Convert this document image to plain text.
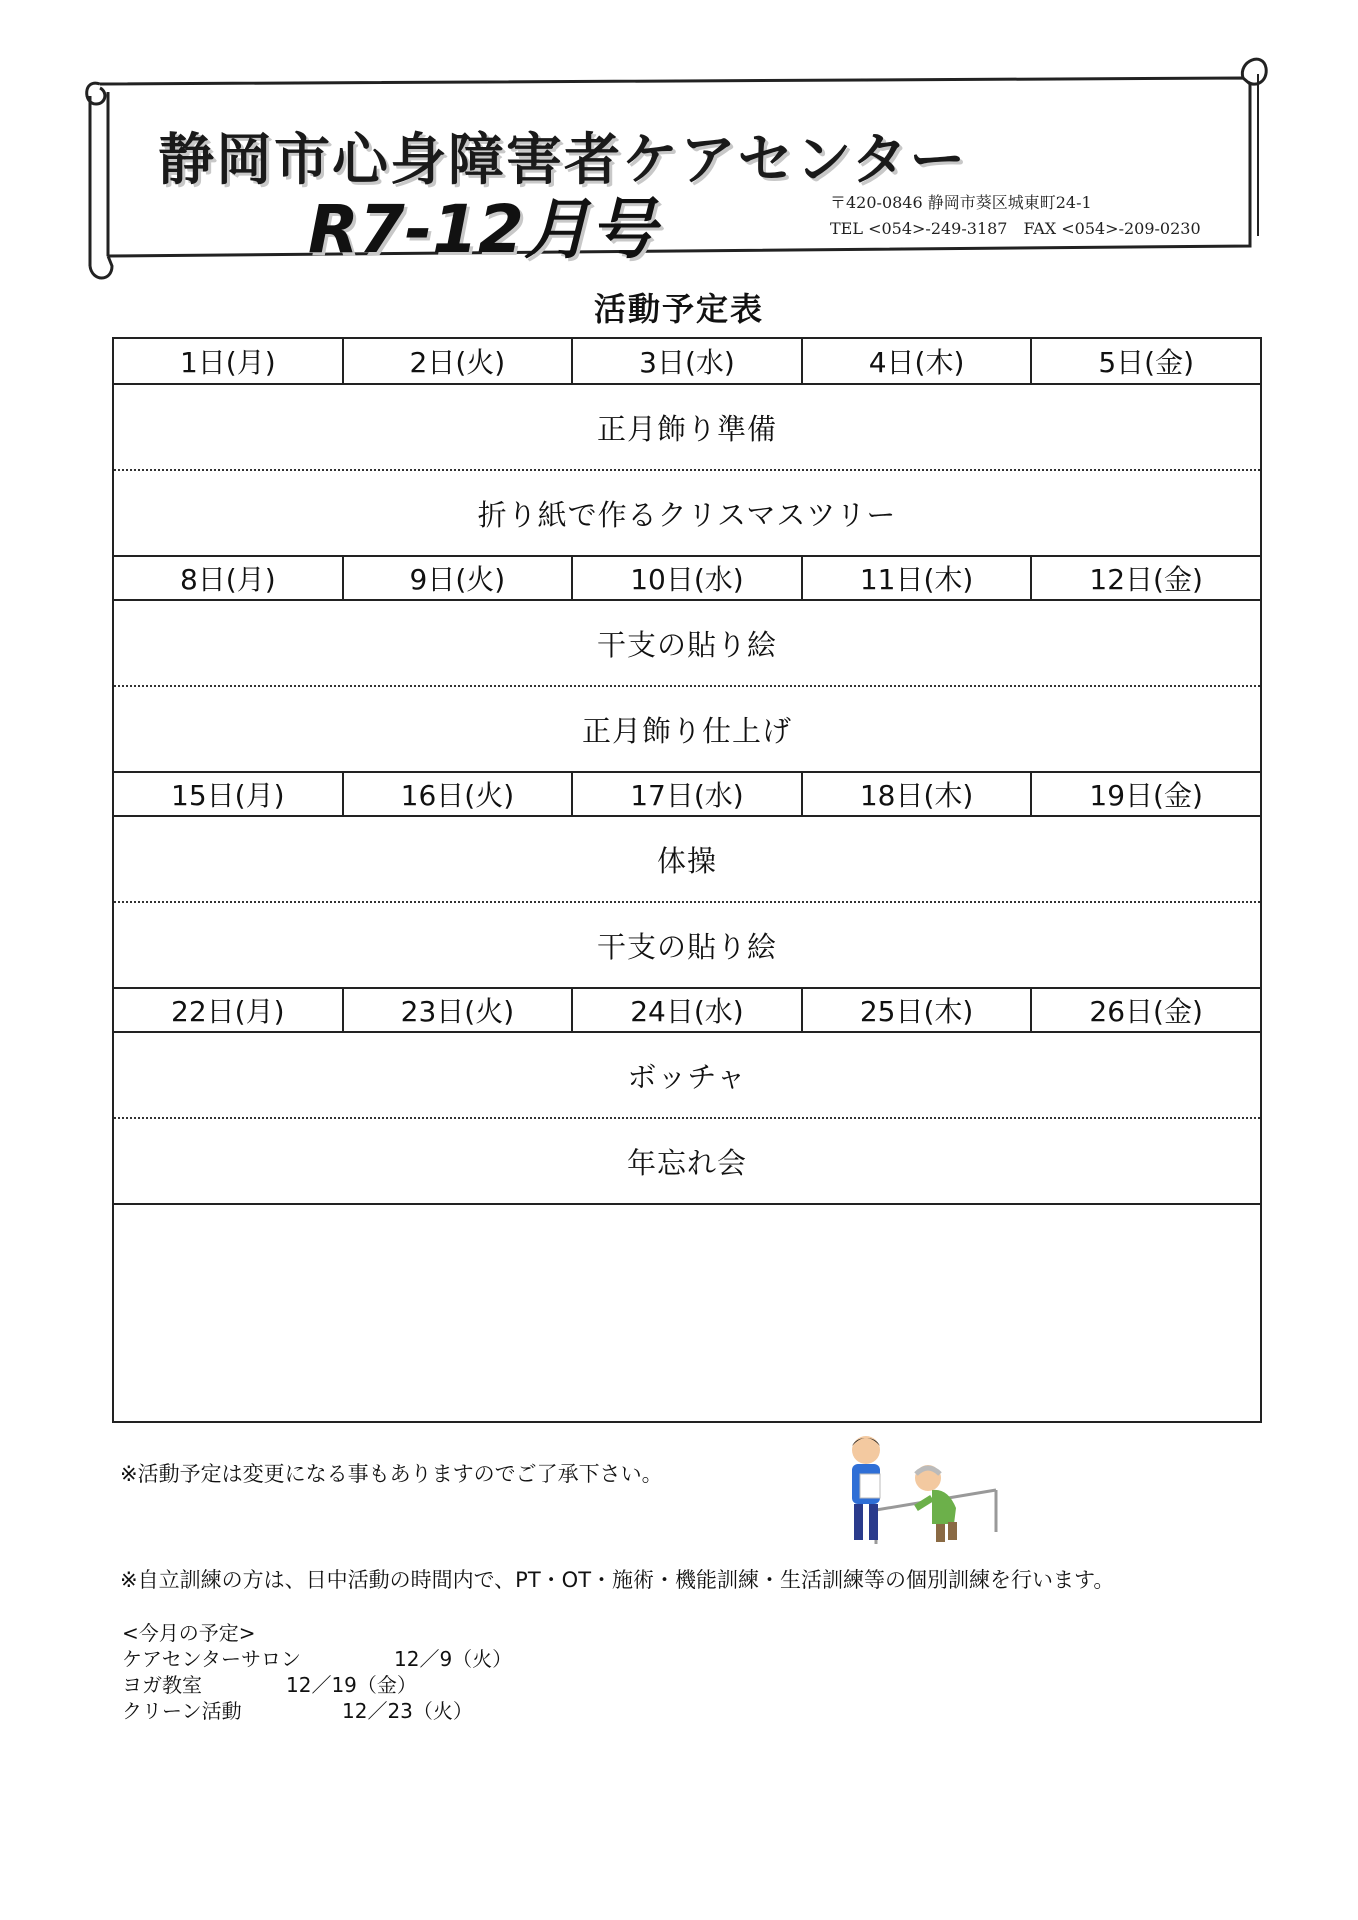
静岡市心身障害者ケアセンター
R7-12月号	〒420-0846 静岡市葵区城東町24-1
TEL <054>-249-3187　FAX <054>-209-0230
活動予定表
1日(月)	2日(火)	3日(水)	4日(木)	5日(金)
正月飾り準備
折り紙で作るクリスマスツリー
8日(月)	9日(火)	10日(水)	11日(木)	12日(金)
干支の貼り絵
正月飾り仕上げ
15日(月)	16日(火)	17日(水)	18日(木)	19日(金)
体操
干支の貼り絵
22日(月)	23日(火)	24日(水)	25日(木)	26日(金)
ボッチャ
年忘れ会
※活動予定は変更になる事もありますのでご了承下さい。
※自立訓練の方は、日中活動の時間内で、PT・OT・施術・機能訓練・生活訓練等の個別訓練を行います。
<今月の予定>
ケアセンターサロン	12／9（火）
ヨガ教室	12／19（金）
クリーン活動	12／23（火）
